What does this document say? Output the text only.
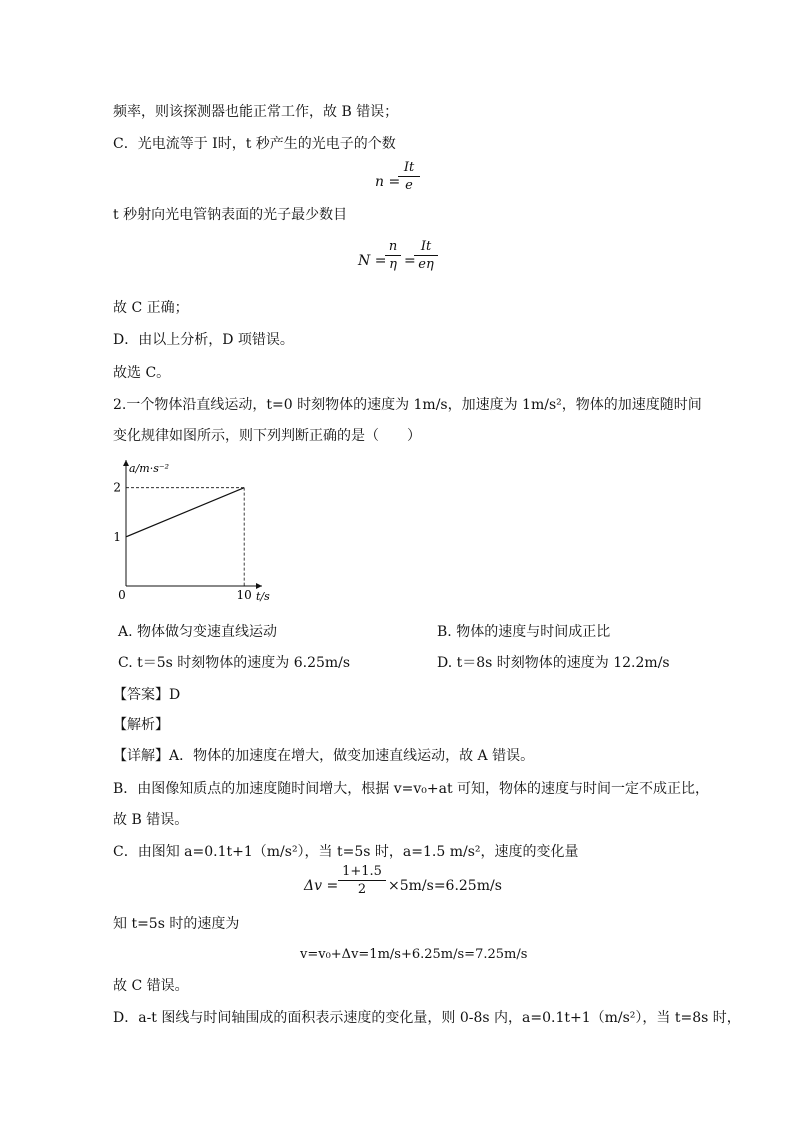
频率，则该探测器也能正常工作，故 B 错误；
C．光电流等于 I时，t 秒产生的光电子的个数
n =
It
e
t 秒射向光电管钠表面的光子最少数目
N =
n
η =
It
eη
故 C 正确；
D．由以上分析，D 项错误。
故选 C。
2.一个物体沿直线运动，t=0 时刻物体的速度为 1m/s，加速度为 1m/s²，物体的加速度随时间
变化规律如图所示，则下列判断正确的是（　　）
2
1
0	10
a/m·s⁻²
t/s
A. 物体做匀变速直线运动	B. 物体的速度与时间成正比
C. t＝5s 时刻物体的速度为 6.25m/s	D. t＝8s 时刻物体的速度为 12.2m/s
【答案】D
【解析】
【详解】A．物体的加速度在增大，做变加速直线运动，故 A 错误。
B．由图像知质点的加速度随时间增大，根据 v=v₀+at 可知，物体的速度与时间一定不成正比，
故 B 错误。
C．由图知 a=0.1t+1（m/s²），当 t=5s 时，a=1.5 m/s²，速度的变化量
Δv =
1+1.5
2	×5m/s=6.25m/s
知 t=5s 时的速度为
v=v₀+Δv=1m/s+6.25m/s=7.25m/s
故 C 错误。
D．a-t 图线与时间轴围成的面积表示速度的变化量，则 0-8s 内，a=0.1t+1（m/s²），当 t=8s 时，
